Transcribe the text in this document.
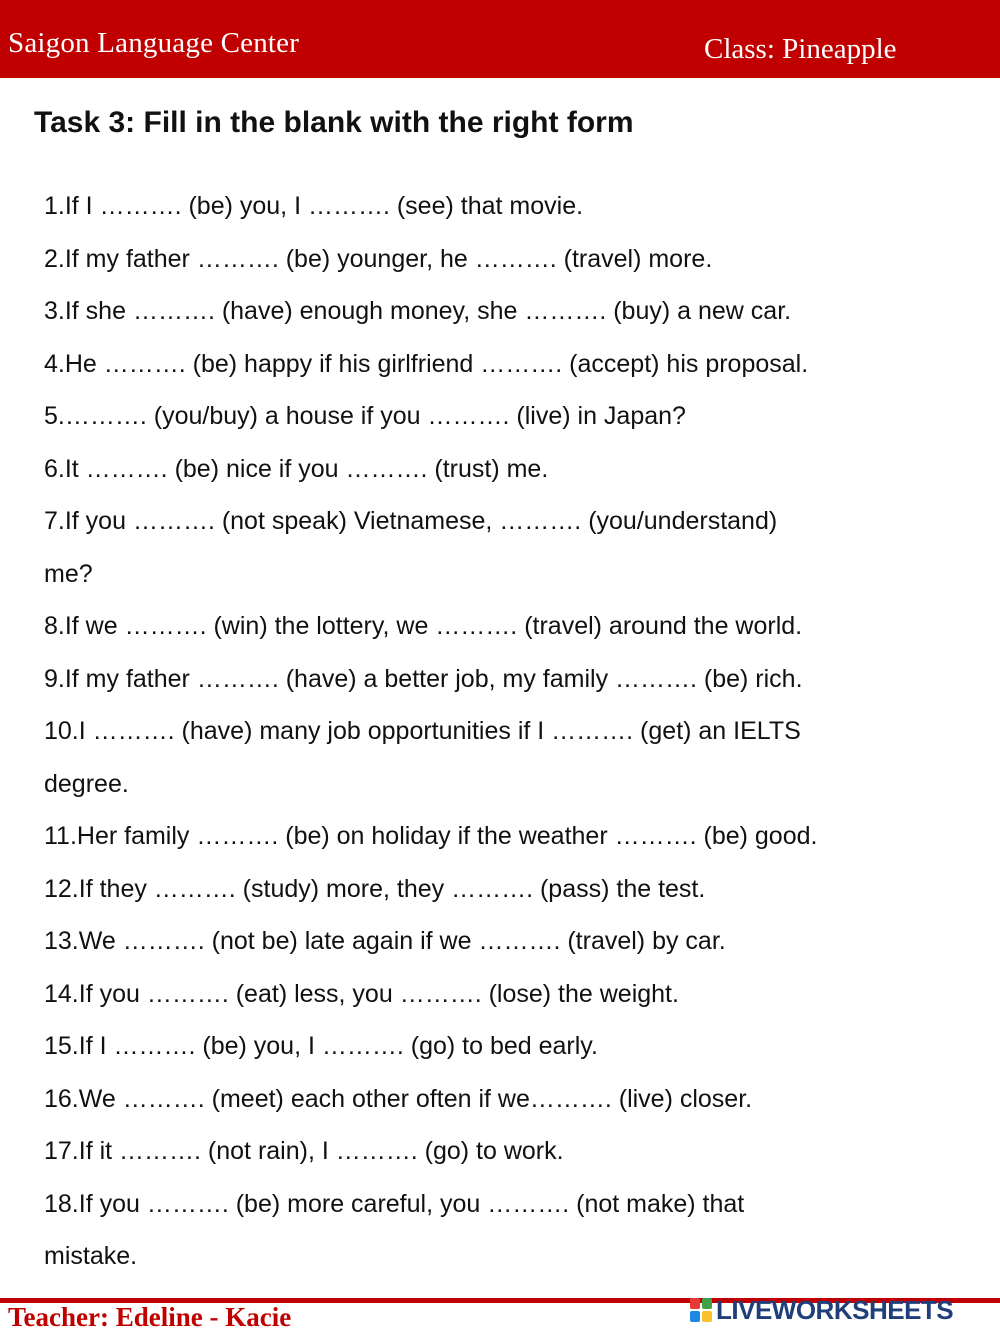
Saigon Language Center	Class: Pineapple
Task 3: Fill in the blank with the right form
1.If I ………. (be) you, I ………. (see) that movie.
2.If my father ………. (be) younger, he ………. (travel) more.
3.If she ………. (have) enough money, she ………. (buy) a new car.
4.He ………. (be) happy if his girlfriend ………. (accept) his proposal.
5.………. (you/buy) a house if you ………. (live) in Japan?
6.It ………. (be) nice if you ………. (trust) me.
7.If you ………. (not speak) Vietnamese, ………. (you/understand)
me?
8.If we ………. (win) the lottery, we ………. (travel) around the world.
9.If my father ………. (have) a better job, my family ………. (be) rich.
10.I ………. (have) many job opportunities if I ………. (get) an IELTS
degree.
11.Her family ………. (be) on holiday if the weather ………. (be) good.
12.If they ………. (study) more, they ………. (pass) the test.
13.We ………. (not be) late again if we ………. (travel) by car.
14.If you ………. (eat) less, you ………. (lose) the weight.
15.If I ………. (be) you, I ………. (go) to bed early.
16.We ………. (meet) each other often if we………. (live) closer.
17.If it ………. (not rain), I ………. (go) to work.
18.If you ………. (be) more careful, you ………. (not make) that
mistake.
Teacher: Edeline - Kacie	LIVEWORKSHEETS
